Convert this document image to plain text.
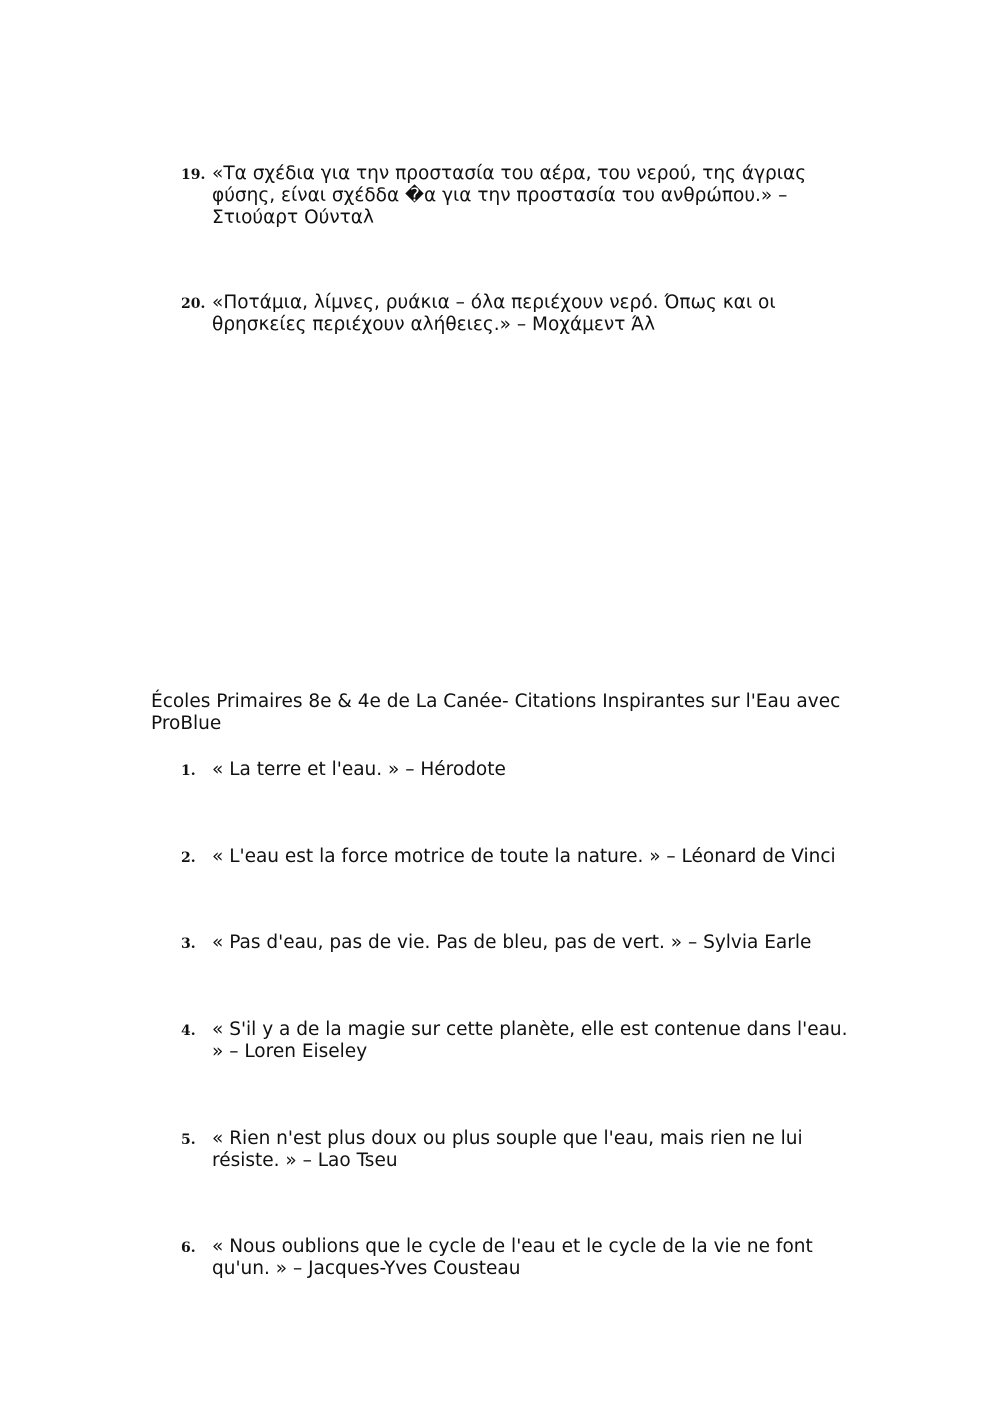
19. «Τα σχέδια για την προστασία του αέρα, του νερού, της άγριας
φύσης, είναι σχέδδα �α για την προστασία του ανθρώπου.» –
Στιούαρτ Ούνταλ
20. «Ποτάμια, λίμνες, ρυάκια – όλα περιέχουν νερό. Όπως και οι
θρησκείες περιέχουν αλήθειες.» – Μοχάμεντ Άλ
Écoles Primaires 8e & 4e de La Canée- Citations Inspirantes sur l'Eau avec
ProBlue
1. « La terre et l'eau. » – Hérodote
2. « L'eau est la force motrice de toute la nature. » – Léonard de Vinci
3. « Pas d'eau, pas de vie. Pas de bleu, pas de vert. » – Sylvia Earle
4. « S'il y a de la magie sur cette planète, elle est contenue dans l'eau.
» – Loren Eiseley
5. « Rien n'est plus doux ou plus souple que l'eau, mais rien ne lui
résiste. » – Lao Tseu
6. « Nous oublions que le cycle de l'eau et le cycle de la vie ne font
qu'un. » – Jacques-Yves Cousteau
